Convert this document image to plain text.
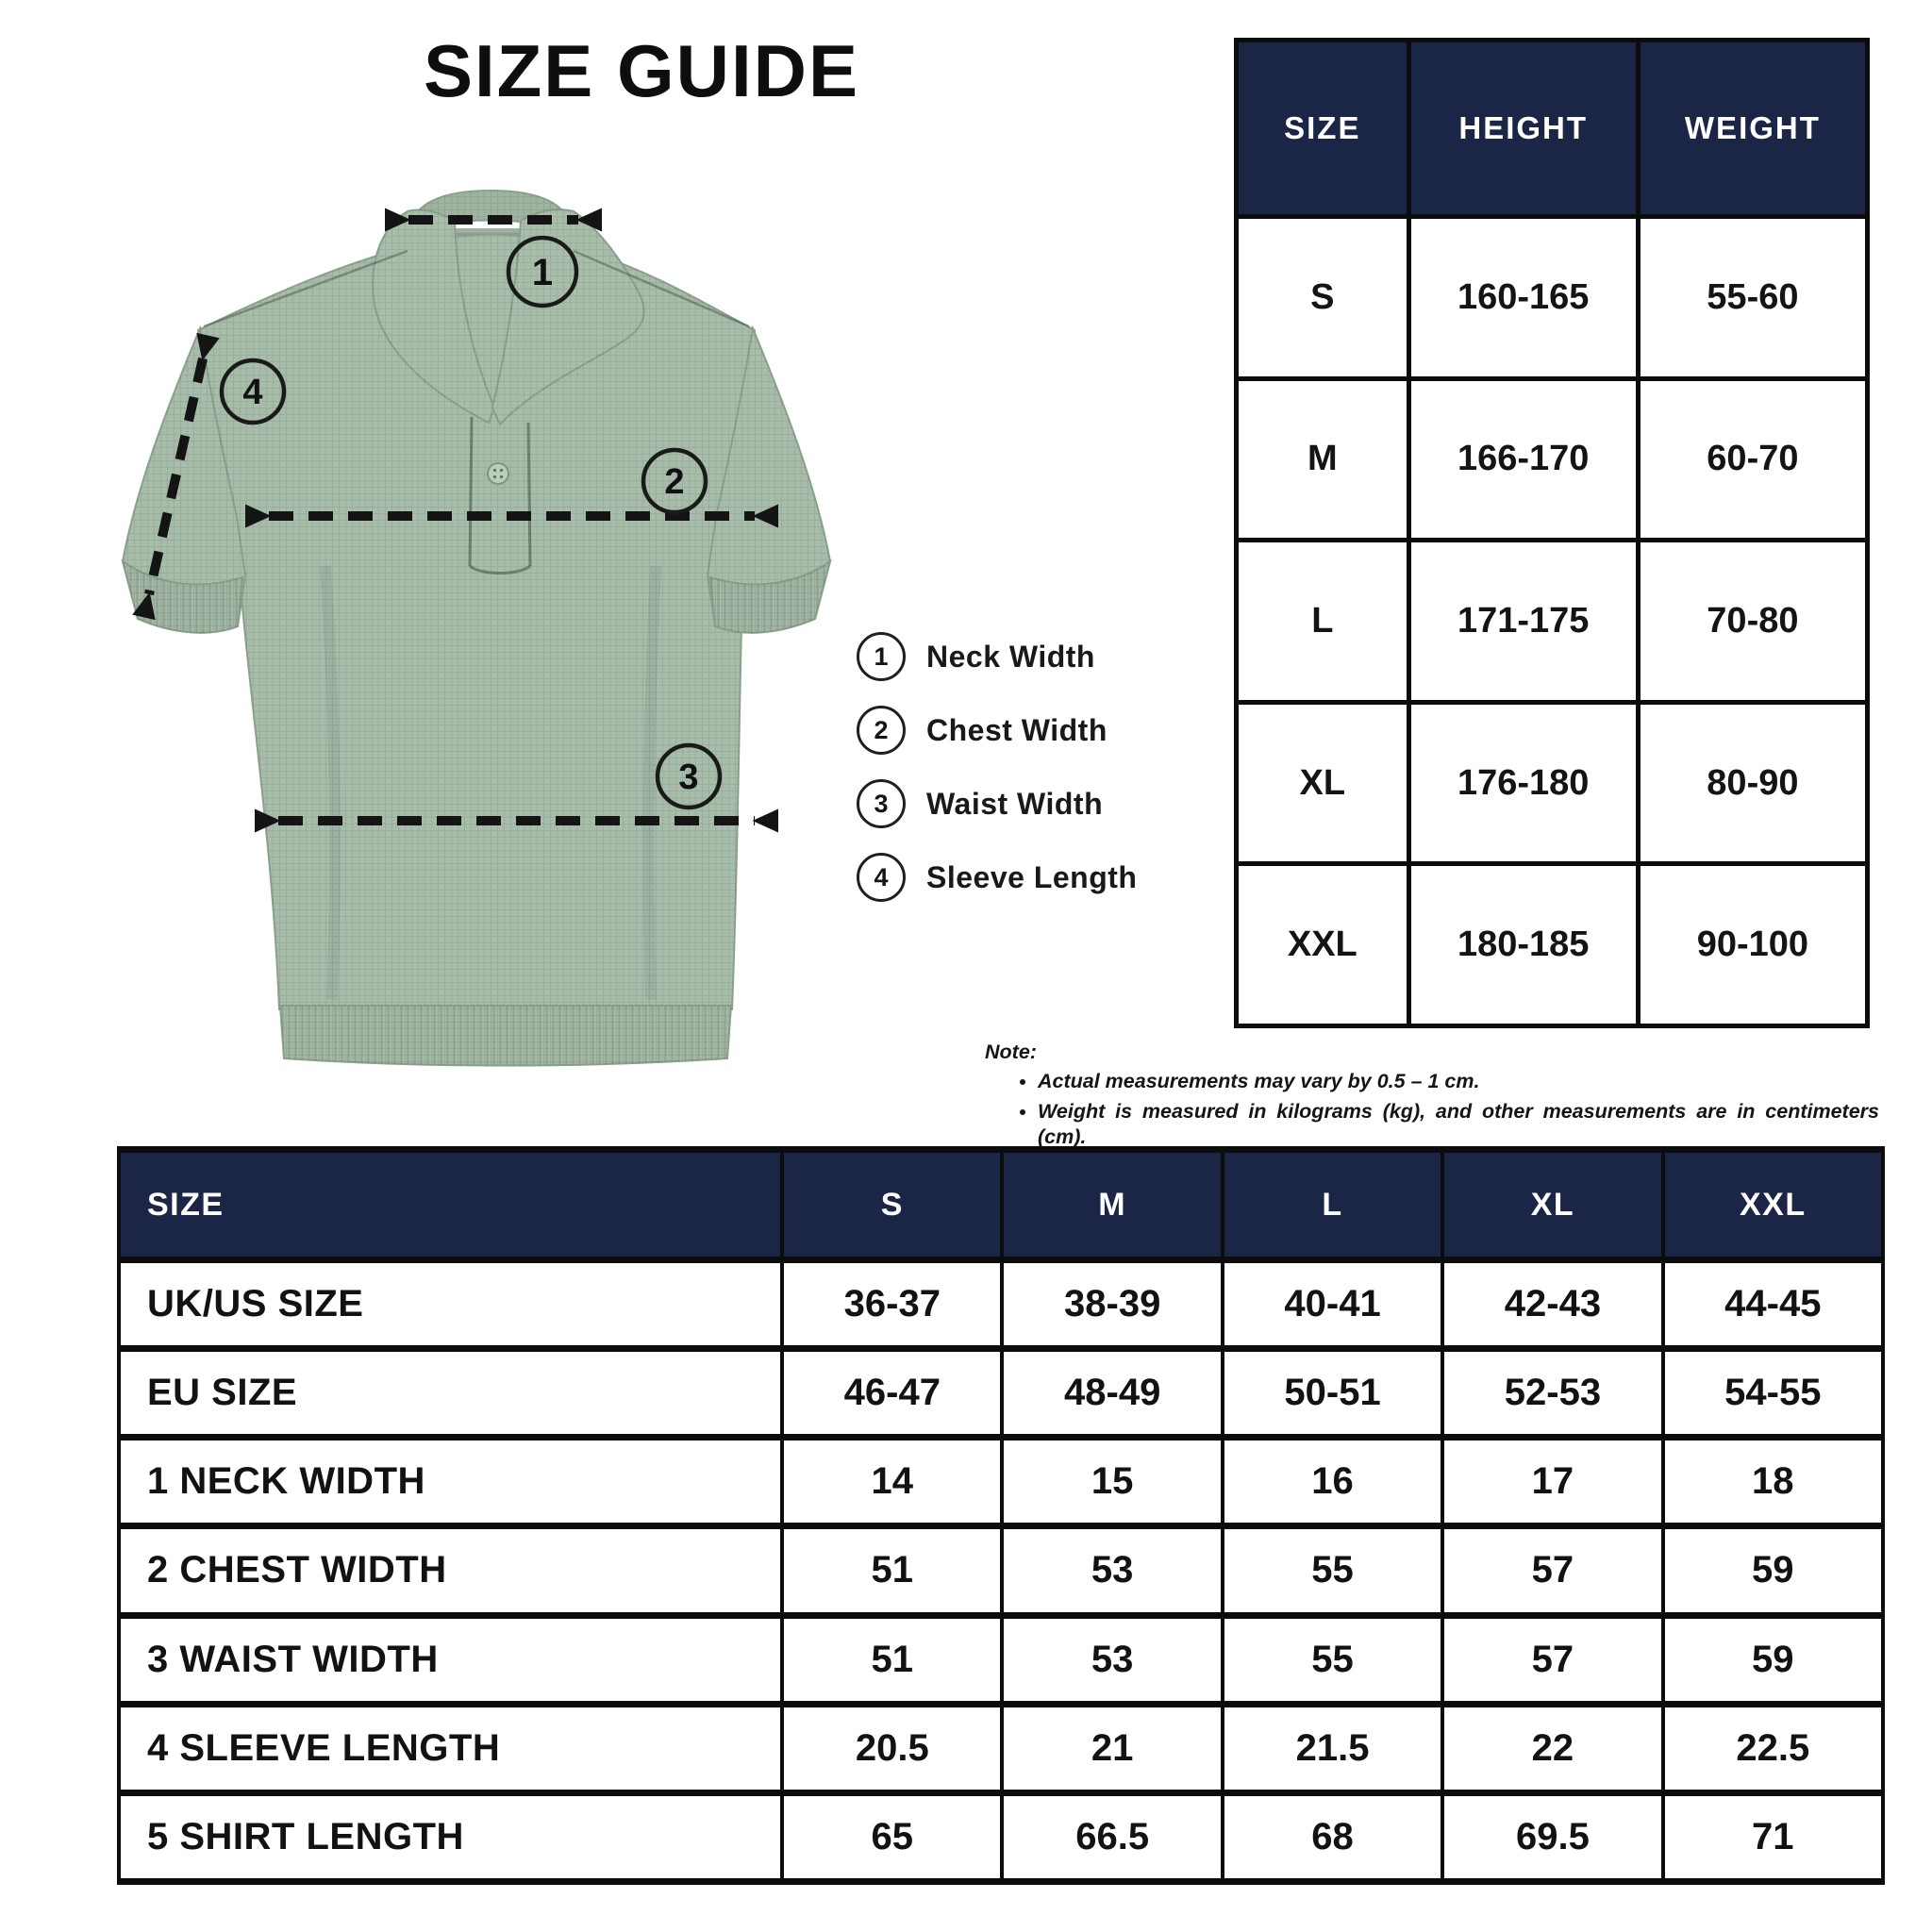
SIZE GUIDE
1
2
3
4
1	Neck Width
2	Chest Width
3	Waist Width
4	Sleeve Length
Note:
• Actual measurements may vary by 0.5 – 1 cm.
• Weight is measured in kilograms (kg), and other measurements are in centimeters (cm).
SIZE	HEIGHT	WEIGHT
S	160-165	55-60
M	166-170	60-70
L	171-175	70-80
XL	176-180	80-90
XXL	180-185	90-100
SIZE	S	M	L	XL	XXL
UK/US SIZE	36-37	38-39	40-41	42-43	44-45
EU SIZE	46-47	48-49	50-51	52-53	54-55
1 NECK WIDTH	14	15	16	17	18
2 CHEST WIDTH	51	53	55	57	59
3 WAIST WIDTH	51	53	55	57	59
4 SLEEVE LENGTH	20.5	21	21.5	22	22.5
5 SHIRT LENGTH	65	66.5	68	69.5	71
